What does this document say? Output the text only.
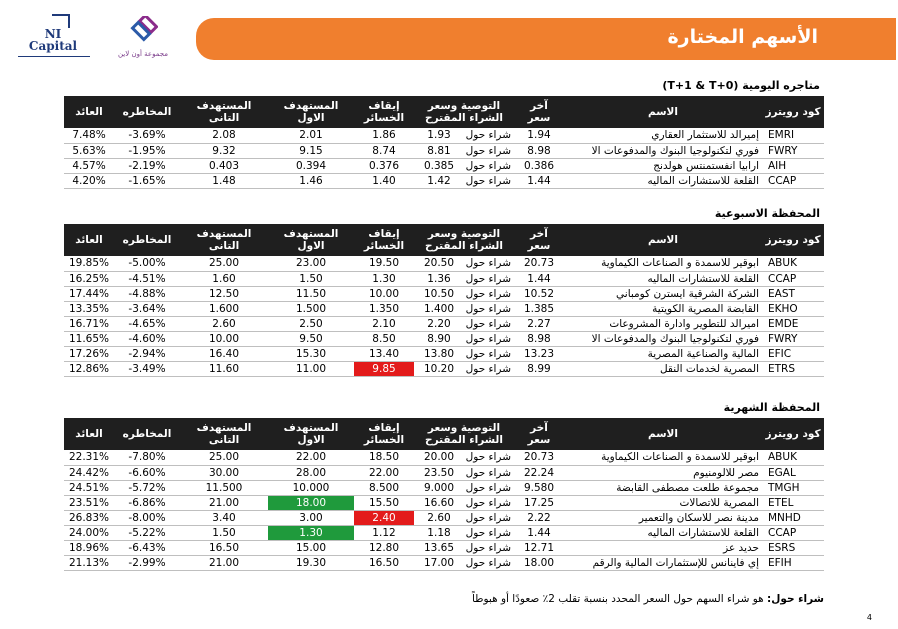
NI
Capital
مجموعة أون لاين
الأسهم المختارة
متاجره اليومية (T+1 & T+0)
العائد	المخاطره	المستهدف التانى	المستهدف الاول	إيقاف الخسائر	التوصية وسعر الشراء المقترح		آخر سعر	الاسم	كود رويترز
7.48%	-3.69%	2.08	2.01	1.86	1.93	شراء حول	1.94	إميرالد للاستثمار العقاري	EMRI
5.63%	-1.95%	9.32	9.15	8.74	8.81	شراء حول	8.98	فوري لتكنولوجيا البنوك والمدفوعات الا	FWRY
4.57%	-2.19%	0.403	0.394	0.376	0.385	شراء حول	0.386	ارابيا انفستمنتس هولدنج	AIH
4.20%	-1.65%	1.48	1.46	1.40	1.42	شراء حول	1.44	القلعة للاستشارات الماليه	CCAP
المحفظة الاسبوعية
العائد	المخاطره	المستهدف التانى	المستهدف الاول	إيقاف الخسائر	التوصية وسعر الشراء المقترح		آخر سعر	الاسم	كود رويترز
19.85%	-5.00%	25.00	23.00	19.50	20.50	شراء حول	20.73	ابوقير للاسمدة و الصناعات الكيماوية	ABUK
16.25%	-4.51%	1.60	1.50	1.30	1.36	شراء حول	1.44	القلعة للاستشارات الماليه	CCAP
17.44%	-4.88%	12.50	11.50	10.00	10.50	شراء حول	10.52	الشركة الشرقية ايسترن كومباني	EAST
13.35%	-3.64%	1.600	1.500	1.350	1.400	شراء حول	1.385	القابضة المصرية الكويتية	EKHO
16.71%	-4.65%	2.60	2.50	2.10	2.20	شراء حول	2.27	اميرالد للتطوير وادارة المشروعات	EMDE
11.65%	-4.60%	10.00	9.50	8.50	8.90	شراء حول	8.98	فوري لتكنولوجيا البنوك والمدفوعات الا	FWRY
17.26%	-2.94%	16.40	15.30	13.40	13.80	شراء حول	13.23	المالية والصناعية المصرية	EFIC
12.86%	-3.49%	11.60	11.00	9.85	10.20	شراء حول	8.99	المصرية لخدمات النقل	ETRS
المحفظة الشهرية
العائد	المخاطره	المستهدف التانى	المستهدف الاول	إيقاف الخسائر	التوصية وسعر الشراء المقترح		آخر سعر	الاسم	كود رويترز
22.31%	-7.80%	25.00	22.00	18.50	20.00	شراء حول	20.73	ابوقير للاسمدة و الصناعات الكيماوية	ABUK
24.42%	-6.60%	30.00	28.00	22.00	23.50	شراء حول	22.24	مصر للالومنيوم	EGAL
24.51%	-5.72%	11.500	10.000	8.500	9.000	شراء حول	9.580	مجموعة طلعت مصطفى القابضة	TMGH
23.51%	-6.86%	21.00	18.00	15.50	16.60	شراء حول	17.25	المصرية للاتصالات	ETEL
26.83%	-8.00%	3.40	3.00	2.40	2.60	شراء حول	2.22	مدينة نصر للاسكان والتعمير	MNHD
24.00%	-5.22%	1.50	1.30	1.12	1.18	شراء حول	1.44	القلعة للاستشارات الماليه	CCAP
18.96%	-6.43%	16.50	15.00	12.80	13.65	شراء حول	12.71	حديد عز	ESRS
21.13%	-2.99%	21.00	19.30	16.50	17.00	شراء حول	18.00	إي فاينانس للإستثمارات المالية والرقم	EFIH
شراء حول: هو شراء السهم حول السعر المحدد بنسبة تقلب 2٪ صعودًا أو هبوطاً
4
